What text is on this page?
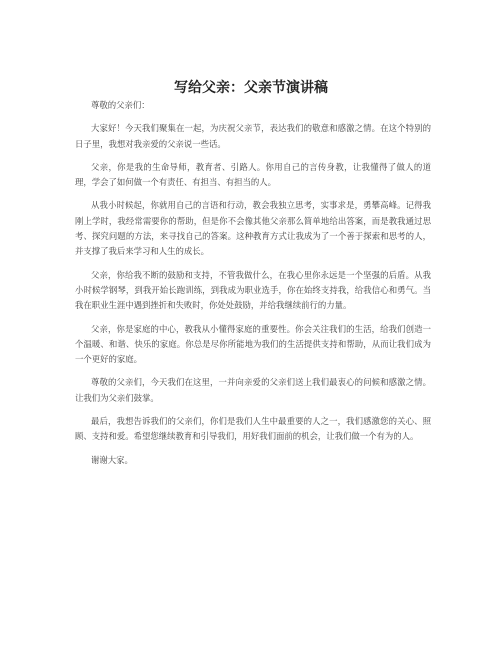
写给父亲：父亲节演讲稿

尊敬的父亲们：

大家好！今天我们聚集在一起，为庆祝父亲节，表达我们的敬意和感激之情。在这个特别的日子里，我想对我亲爱的父亲说一些话。

父亲，你是我的生命导师，教育者、引路人。你用自己的言传身教，让我懂得了做人的道理，学会了如何做一个有责任、有担当、有担当的人。

从我小时候起，你就用自己的言语和行动，教会我独立思考，实事求是，勇攀高峰。记得我刚上学时，我经常需要你的帮助，但是你不会像其他父亲那么简单地给出答案，而是教我通过思考、探究问题的方法，来寻找自己的答案。这种教育方式让我成为了一个善于探索和思考的人，并支撑了我后来学习和人生的成长。

父亲，你给我不断的鼓励和支持，不管我做什么，在我心里你永远是一个坚强的后盾。从我小时候学钢琴，到我开始长跑训练，到我成为职业选手，你在始终支持我，给我信心和勇气。当我在职业生涯中遇到挫折和失败时，你处处鼓励，并给我继续前行的力量。

父亲，你是家庭的中心，教我从小懂得家庭的重要性。你会关注我们的生活，给我们创造一个温暖、和谐、快乐的家庭。你总是尽你所能地为我们的生活提供支持和帮助，从而让我们成为一个更好的家庭。

尊敬的父亲们，今天我们在这里，一并向亲爱的父亲们送上我们最衷心的问候和感激之情。让我们为父亲们鼓掌。

最后，我想告诉我们的父亲们，你们是我们人生中最重要的人之一，我们感激您的关心、照顾、支持和爱。希望您继续教育和引导我们，用好我们面前的机会，让我们做一个有为的人。

谢谢大家。
